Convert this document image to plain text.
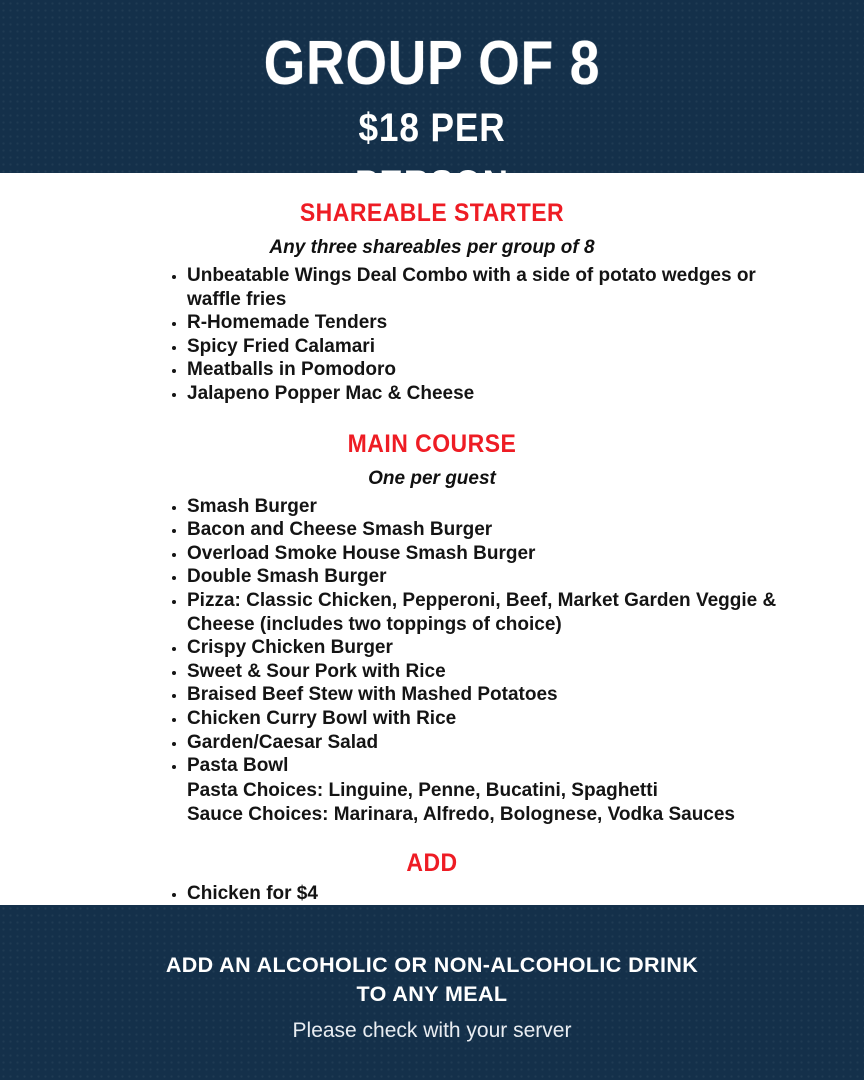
GROUP OF 8
$18 PER
PERSON
SHAREABLE STARTER
Any three shareables per group of 8
• Unbeatable Wings Deal Combo with a side of potato wedges or waffle fries
• R-Homemade Tenders
• Spicy Fried Calamari
• Meatballs in Pomodoro
• Jalapeno Popper Mac & Cheese
MAIN COURSE
One per guest
• Smash Burger
• Bacon and Cheese Smash Burger
• Overload Smoke House Smash Burger
• Double Smash Burger
• Pizza: Classic Chicken, Pepperoni, Beef, Market Garden Veggie & Cheese (includes two toppings of choice)
• Crispy Chicken Burger
• Sweet & Sour Pork with Rice
• Braised Beef Stew with Mashed Potatoes
• Chicken Curry Bowl with Rice
• Garden/Caesar Salad
• Pasta Bowl
Pasta Choices: Linguine, Penne, Bucatini, Spaghetti
Sauce Choices: Marinara, Alfredo, Bolognese, Vodka Sauces
ADD
• Chicken for $4
ADD AN ALCOHOLIC OR NON-ALCOHOLIC DRINK
TO ANY MEAL
Please check with your server
